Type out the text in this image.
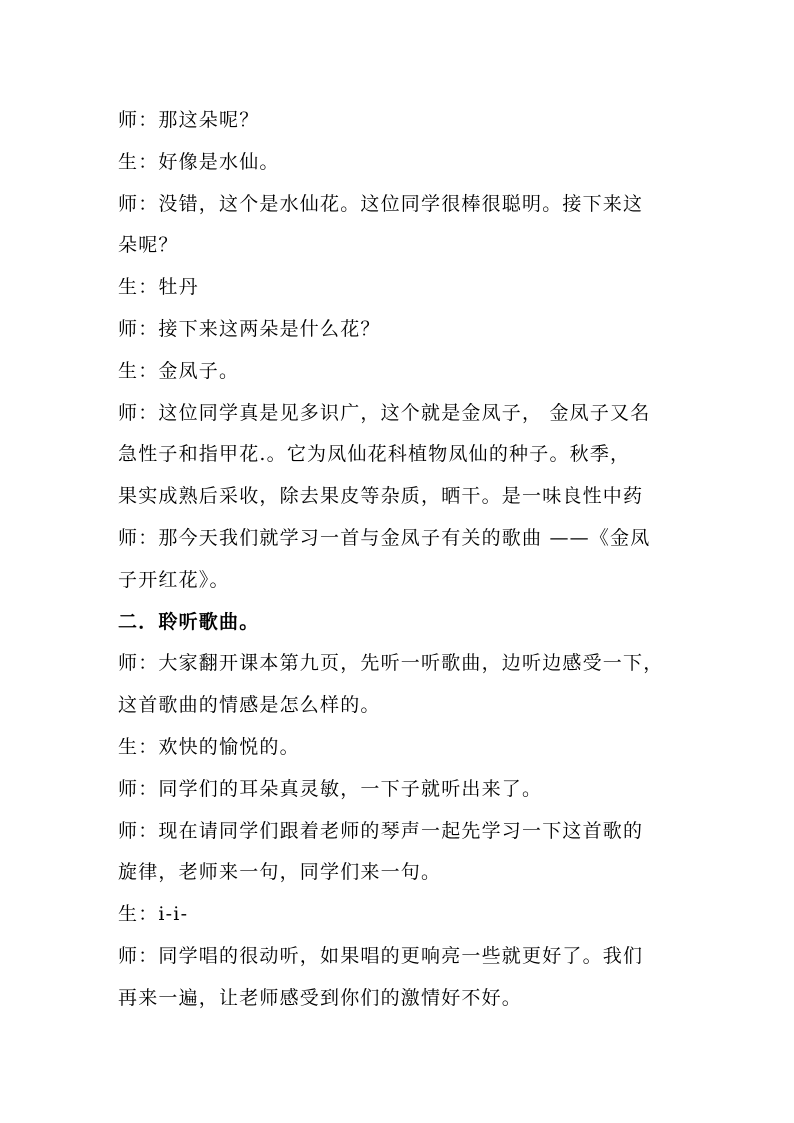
师：那这朵呢？
生：好像是水仙。
师：没错，这个是水仙花。这位同学很棒很聪明。接下来这
朵呢？
生：牡丹
师：接下来这两朵是什么花？
生：金凤子。
师：这位同学真是见多识广，这个就是金凤子， 金凤子又名
急性子和指甲花.。它为凤仙花科植物凤仙的种子。秋季，
果实成熟后采收，除去果皮等杂质，晒干。是一味良性中药
师：那今天我们就学习一首与金凤子有关的歌曲 ——《金凤
子开红花》。
二．聆听歌曲。
师：大家翻开课本第九页，先听一听歌曲，边听边感受一下，
这首歌曲的情感是怎么样的。
生：欢快的愉悦的。
师：同学们的耳朵真灵敏，一下子就听出来了。
师：现在请同学们跟着老师的琴声一起先学习一下这首歌的
旋律，老师来一句，同学们来一句。
生：i-i-
师：同学唱的很动听，如果唱的更响亮一些就更好了。我们
再来一遍，让老师感受到你们的激情好不好。
